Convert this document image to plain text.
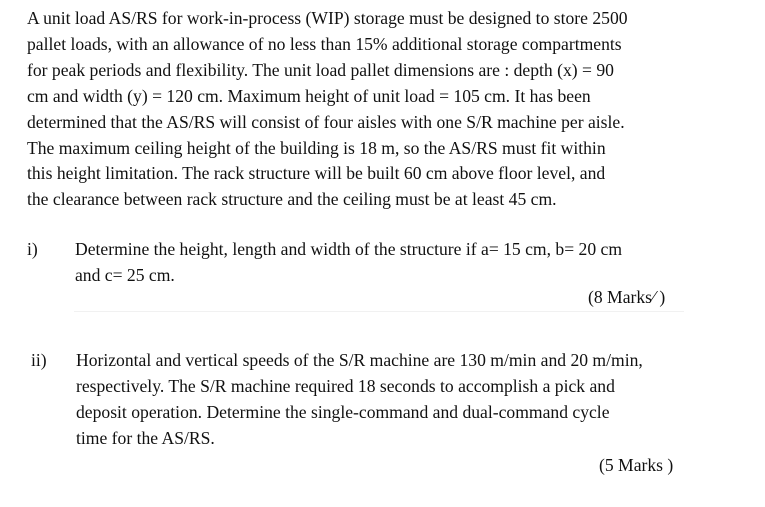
A unit load AS/RS for work-in-process (WIP) storage must be designed to store 2500
pallet loads, with an allowance of no less than 15% additional storage compartments
for peak periods and flexibility. The unit load pallet dimensions are : depth (x) = 90
cm and width (y) = 120 cm. Maximum height of unit load = 105 cm. It has been
determined that the AS/RS will consist of four aisles with one S/R machine per aisle.
The maximum ceiling height of the building is 18 m, so the AS/RS must fit within
this height limitation. The rack structure will be built 60 cm above floor level, and
the clearance between rack structure and the ceiling must be at least 45 cm.

i) Determine the height, length and width of the structure if a= 15 cm, b= 20 cm
and c= 25 cm.

(8 Marks⁄ )

ii) Horizontal and vertical speeds of the S/R machine are 130 m/min and 20 m/min,
respectively. The S/R machine required 18 seconds to accomplish a pick and
deposit operation. Determine the single-command and dual-command cycle
time for the AS/RS.

(5 Marks )
